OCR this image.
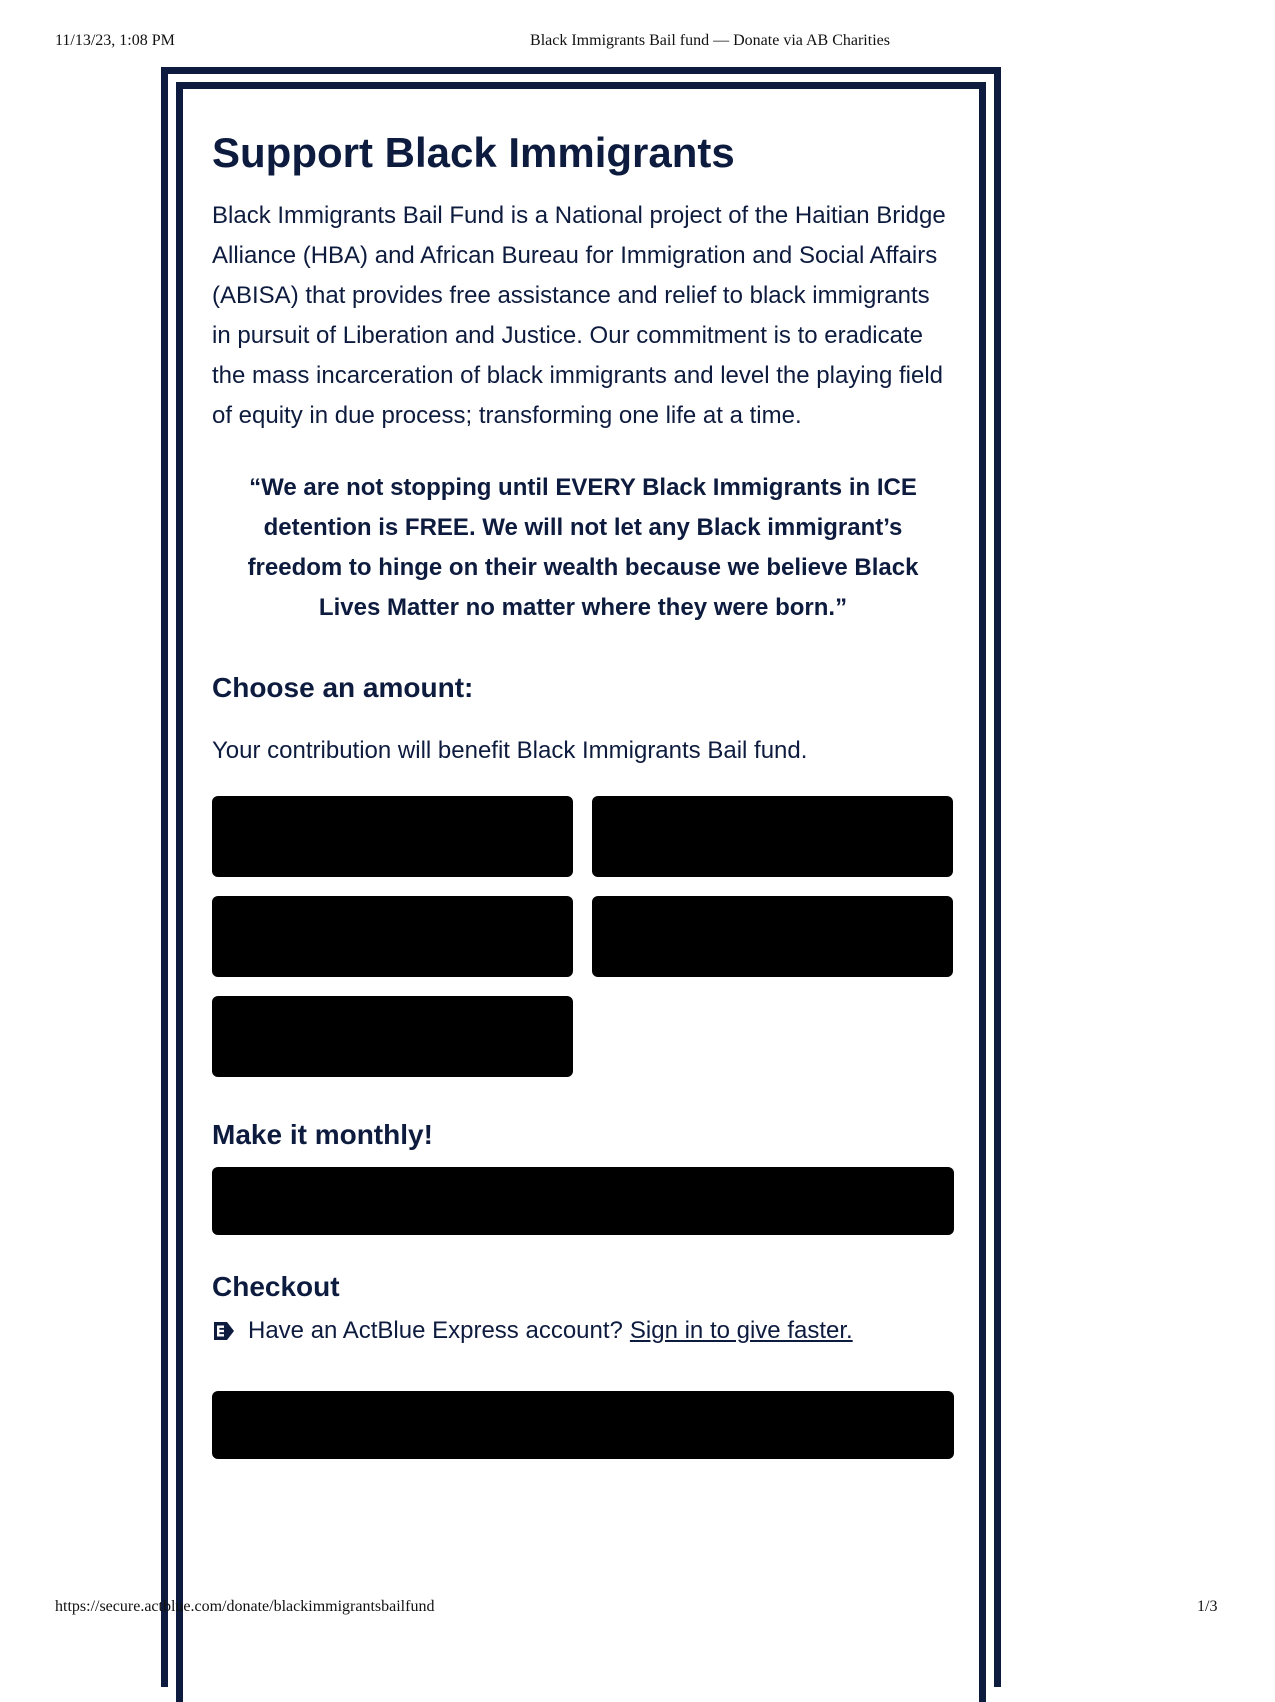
11/13/23, 1:08 PM	Black Immigrants Bail fund — Donate via AB Charities
Support Black Immigrants

Black Immigrants Bail Fund is a National project of the Haitian Bridge Alliance (HBA) and African Bureau for Immigration and Social Affairs (ABISA) that provides free assistance and relief to black immigrants in pursuit of Liberation and Justice. Our commitment is to eradicate the mass incarceration of black immigrants and level the playing field of equity in due process; transforming one life at a time.

“We are not stopping until EVERY Black Immigrants in ICE detention is FREE. We will not let any Black immigrant’s freedom to hinge on their wealth because we believe Black Lives Matter no matter where they were born.”

Choose an amount:

Your contribution will benefit Black Immigrants Bail fund.

Make it monthly!
Checkout
Have an ActBlue Express account? Sign in to give faster.
https://secure.actblue.com/donate/blackimmigrantsbailfund	1/3
